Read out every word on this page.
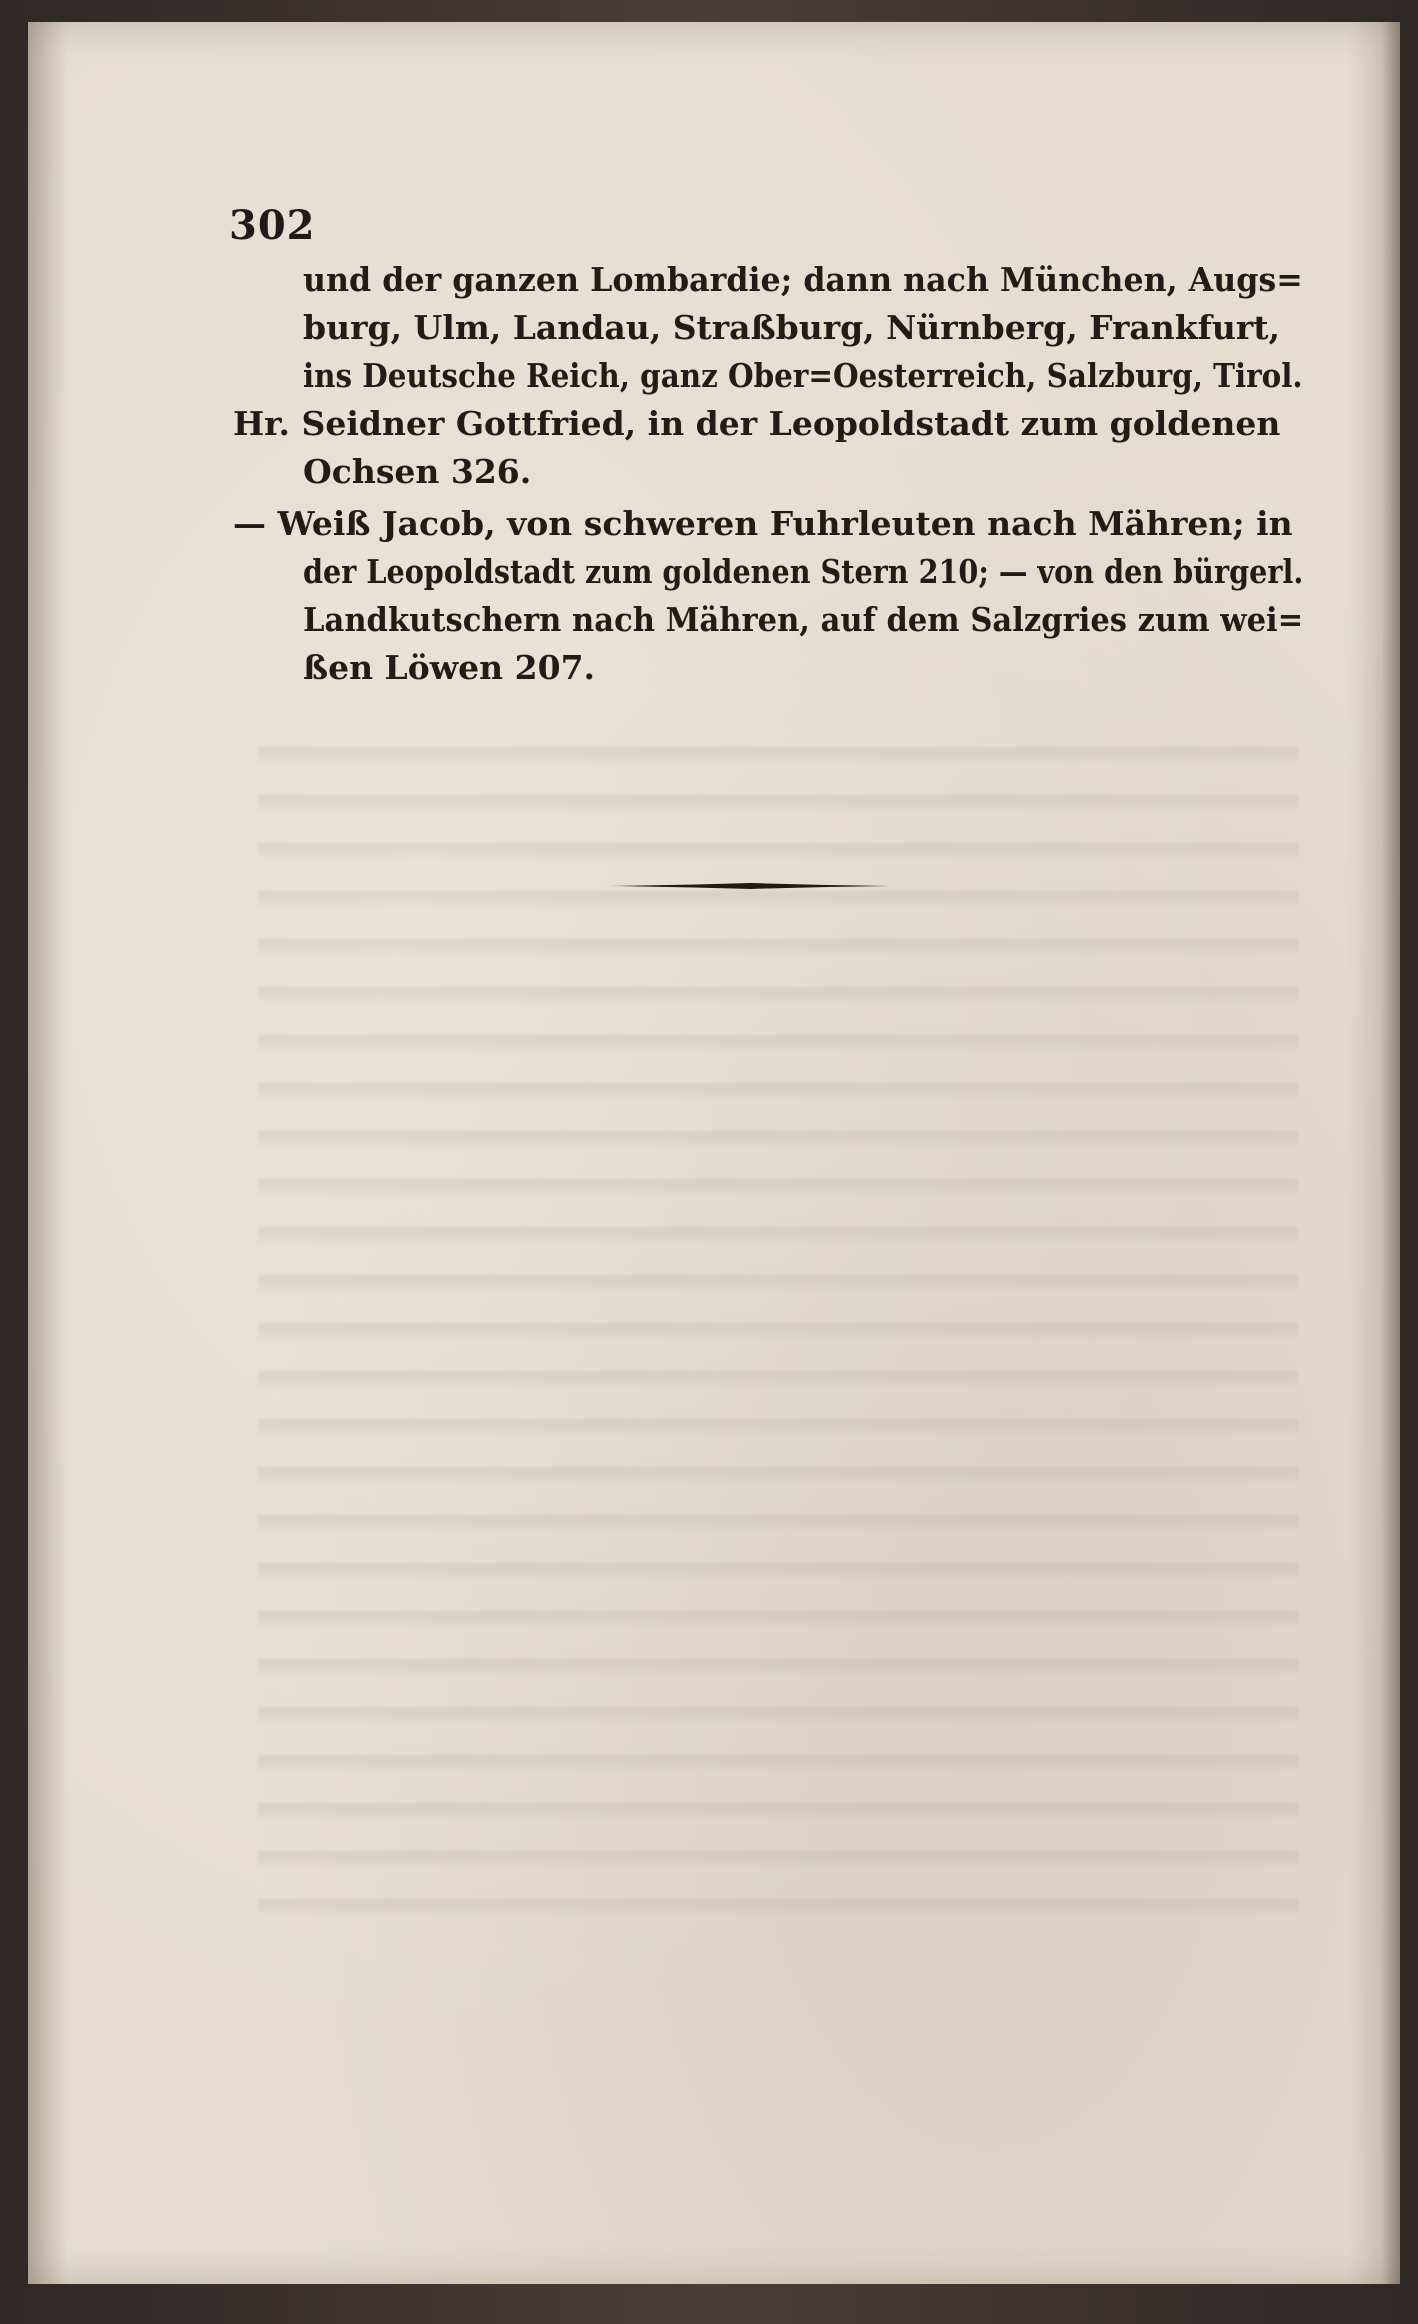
302

und der ganzen Lombardie; dann nach München, Augs=

burg, Ulm, Landau, Straßburg, Nürnberg, Frankfurt,

ins Deutsche Reich, ganz Ober=Oesterreich, Salzburg, Tirol.

Hr. Seidner Gottfried, in der Leopoldstadt zum goldenen

Ochsen 326.

— Weiß Jacob, von schweren Fuhrleuten nach Mähren; in

der Leopoldstadt zum goldenen Stern 210; — von den bürgerl.

Landkutschern nach Mähren, auf dem Salzgries zum wei=

ßen Löwen 207.
